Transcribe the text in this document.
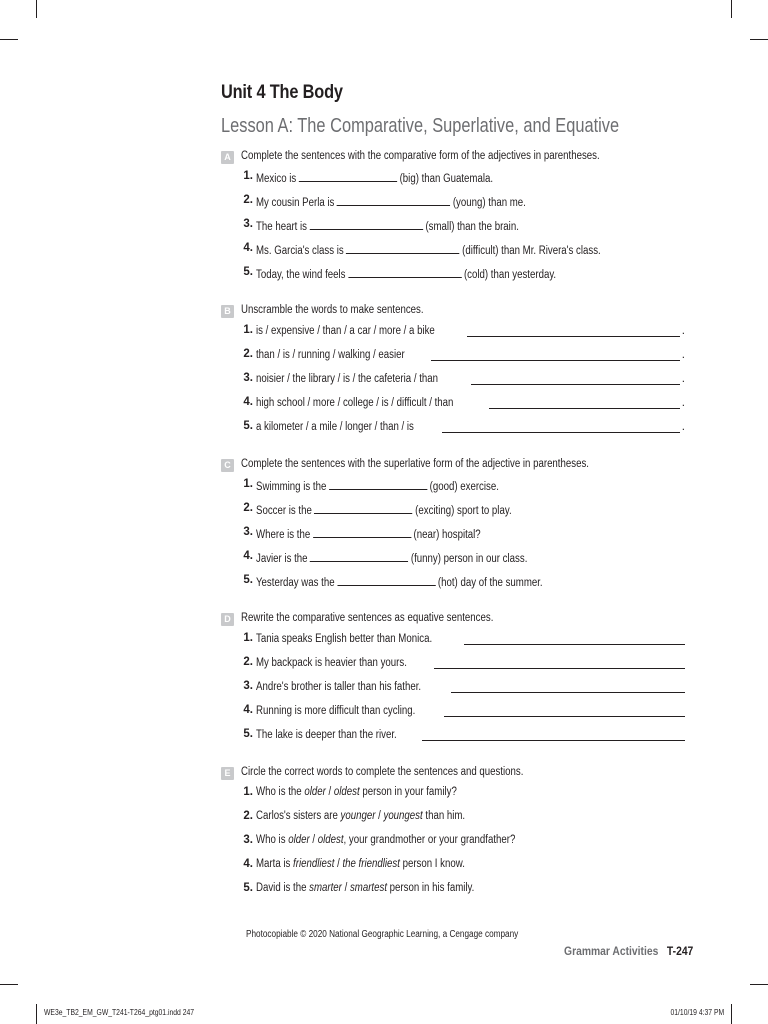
Unit 4 The Body
Lesson A: The Comparative, Superlative, and Equative
A Complete the sentences with the comparative form of the adjectives in parentheses.
1. Mexico is	(big) than Guatemala.
2. My cousin Perla is	(young) than me.
3. The heart is	(small) than the brain.
4. Ms. Garcia's class is	(difficult) than Mr. Rivera's class.
5. Today, the wind feels	(cold) than yesterday.
B Unscramble the words to make sentences.
1. is / expensive / than / a car / more / a bike	.
2. than / is / running / walking / easier	.
3. noisier / the library / is / the cafeteria / than	.
4. high school / more / college / is / difficult / than	.
5. a kilometer / a mile / longer / than / is	.
C Complete the sentences with the superlative form of the adjective in parentheses.
1. Swimming is the	(good) exercise.
2. Soccer is the	(exciting) sport to play.
3. Where is the	(near) hospital?
4. Javier is the	(funny) person in our class.
5. Yesterday was the	(hot) day of the summer.
D Rewrite the comparative sentences as equative sentences.
1. Tania speaks English better than Monica.
2. My backpack is heavier than yours.
3. Andre's brother is taller than his father.
4. Running is more difficult than cycling.
5. The lake is deeper than the river.
E Circle the correct words to complete the sentences and questions.
1. Who is the older / oldest person in your family?
2. Carlos's sisters are younger / youngest than him.
3. Who is older / oldest, your grandmother or your grandfather?
4. Marta is friendliest / the friendliest person I know.
5. David is the smarter / smartest person in his family.
Photocopiable © 2020 National Geographic Learning, a Cengage company
Grammar Activities T-247
WE3e_TB2_EM_GW_T241-T264_ptg01.indd 247	01/10/19 4:37 PM
